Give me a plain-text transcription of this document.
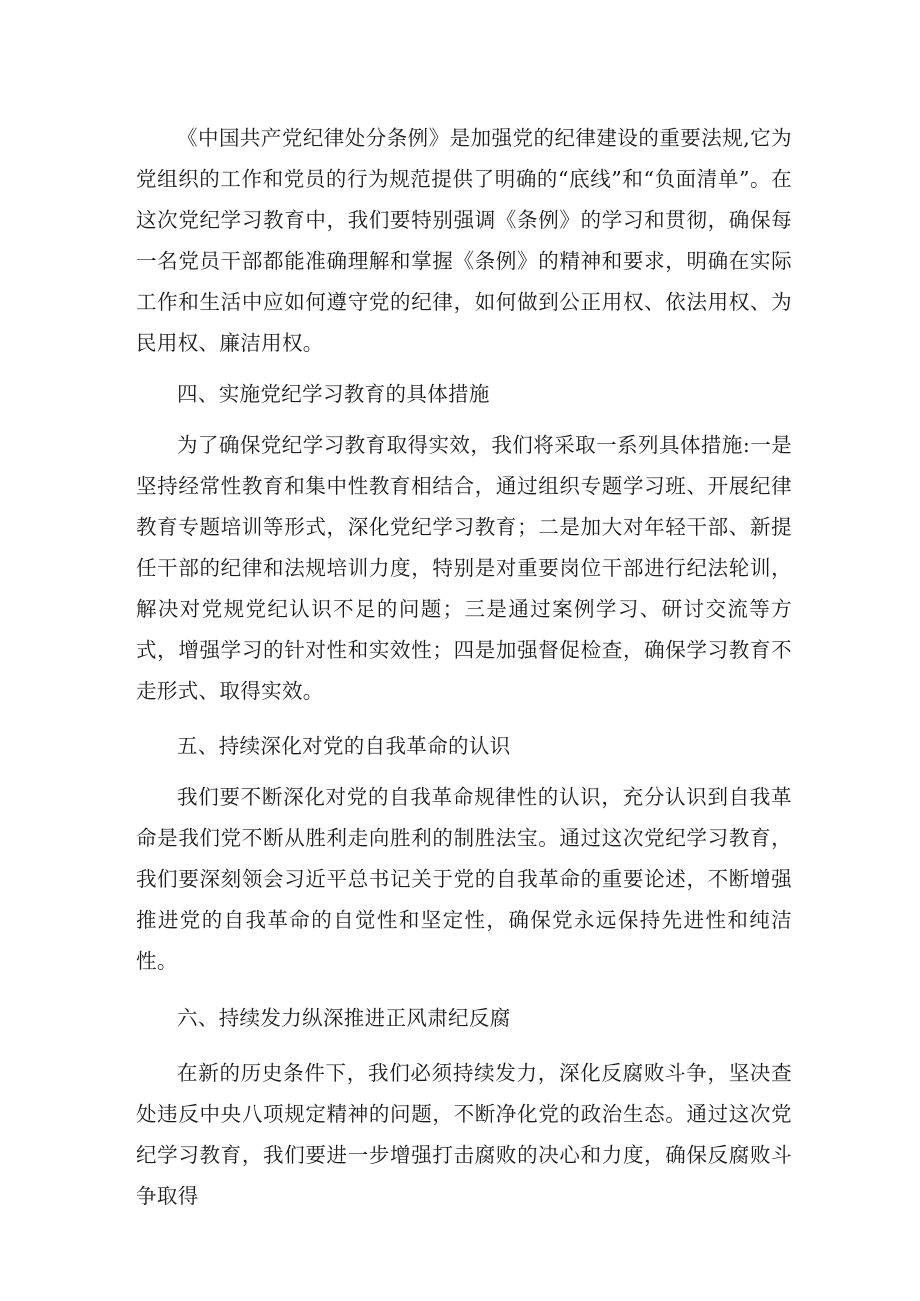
《中国共产党纪律处分条例》是加强党的纪律建设的重要法规,它为党组织的工作和党员的行为规范提供了明确的“底线”和“负面清单”。在这次党纪学习教育中，我们要特别强调《条例》的学习和贯彻，确保每一名党员干部都能准确理解和掌握《条例》的精神和要求，明确在实际工作和生活中应如何遵守党的纪律，如何做到公正用权、依法用权、为民用权、廉洁用权。

四、实施党纪学习教育的具体措施

为了确保党纪学习教育取得实效，我们将采取一系列具体措施:一是坚持经常性教育和集中性教育相结合，通过组织专题学习班、开展纪律教育专题培训等形式，深化党纪学习教育；二是加大对年轻干部、新提任干部的纪律和法规培训力度，特别是对重要岗位干部进行纪法轮训，解决对党规党纪认识不足的问题；三是通过案例学习、研讨交流等方式，增强学习的针对性和实效性；四是加强督促检查，确保学习教育不走形式、取得实效。

五、持续深化对党的自我革命的认识

我们要不断深化对党的自我革命规律性的认识，充分认识到自我革命是我们党不断从胜利走向胜利的制胜法宝。通过这次党纪学习教育，我们要深刻领会习近平总书记关于党的自我革命的重要论述，不断增强推进党的自我革命的自觉性和坚定性，确保党永远保持先进性和纯洁性。

六、持续发力纵深推进正风肃纪反腐

在新的历史条件下，我们必须持续发力，深化反腐败斗争，坚决查处违反中央八项规定精神的问题，不断净化党的政治生态。通过这次党纪学习教育，我们要进一步增强打击腐败的决心和力度，确保反腐败斗争取得
